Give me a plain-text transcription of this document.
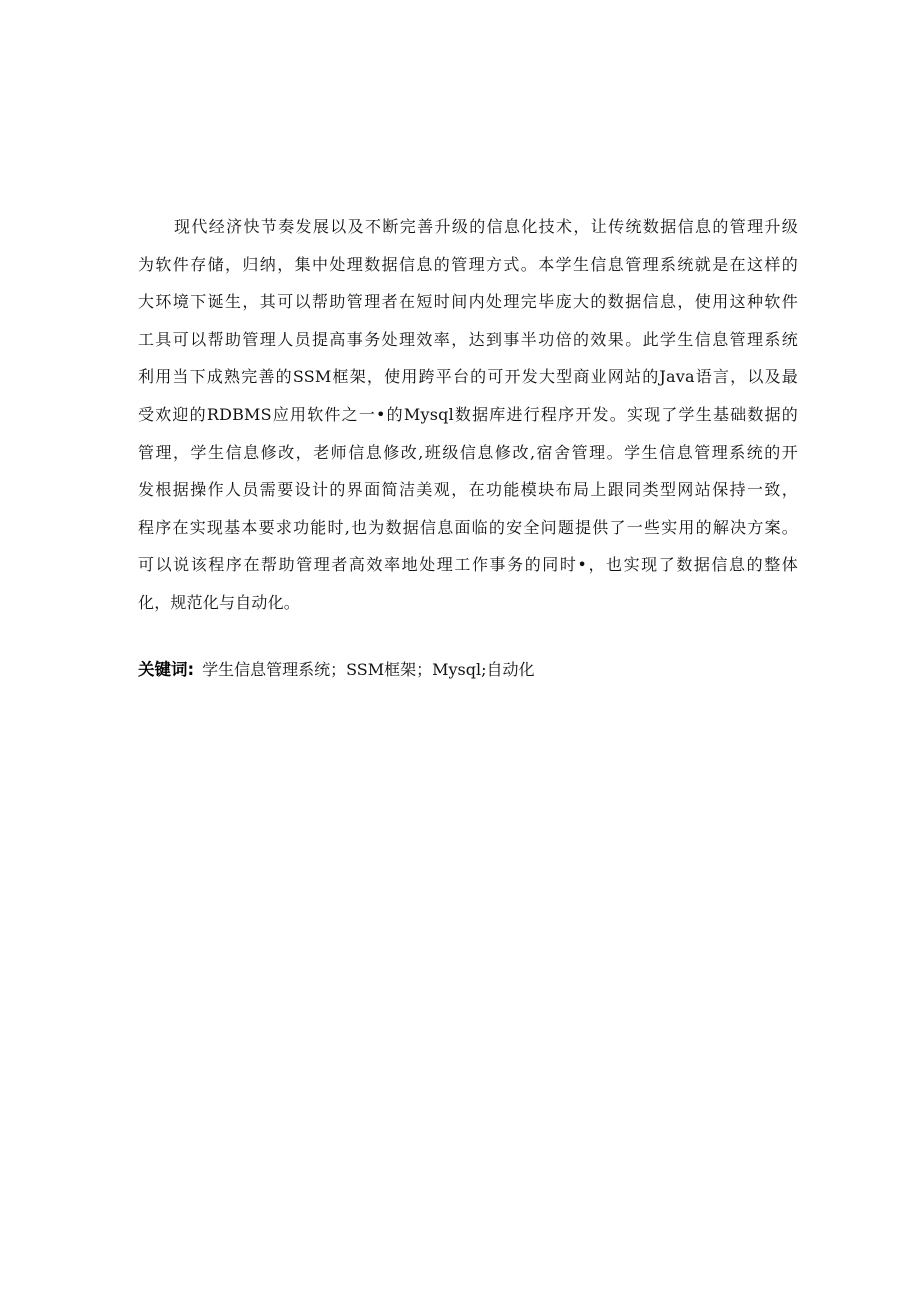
现代经济快节奏发展以及不断完善升级的信息化技术，让传统数据信息的管理升级
为软件存储，归纳，集中处理数据信息的管理方式。本学生信息管理系统就是在这样的
大环境下诞生，其可以帮助管理者在短时间内处理完毕庞大的数据信息，使用这种软件
工具可以帮助管理人员提高事务处理效率，达到事半功倍的效果。此学生信息管理系统
利用当下成熟完善的SSM框架，使用跨平台的可开发大型商业网站的Java语言，以及最
受欢迎的RDBMS应用软件之一•的Mysql数据库进行程序开发。实现了学生基础数据的
管理，学生信息修改，老师信息修改,班级信息修改,宿舍管理。学生信息管理系统的开
发根据操作人员需要设计的界面简洁美观，在功能模块布局上跟同类型网站保持一致，
程序在实现基本要求功能时,也为数据信息面临的安全问题提供了一些实用的解决方案。
可以说该程序在帮助管理者高效率地处理工作事务的同时•，也实现了数据信息的整体
化，规范化与自动化。
关键词: 学生信息管理系统；SSM框架；Mysql;自动化
